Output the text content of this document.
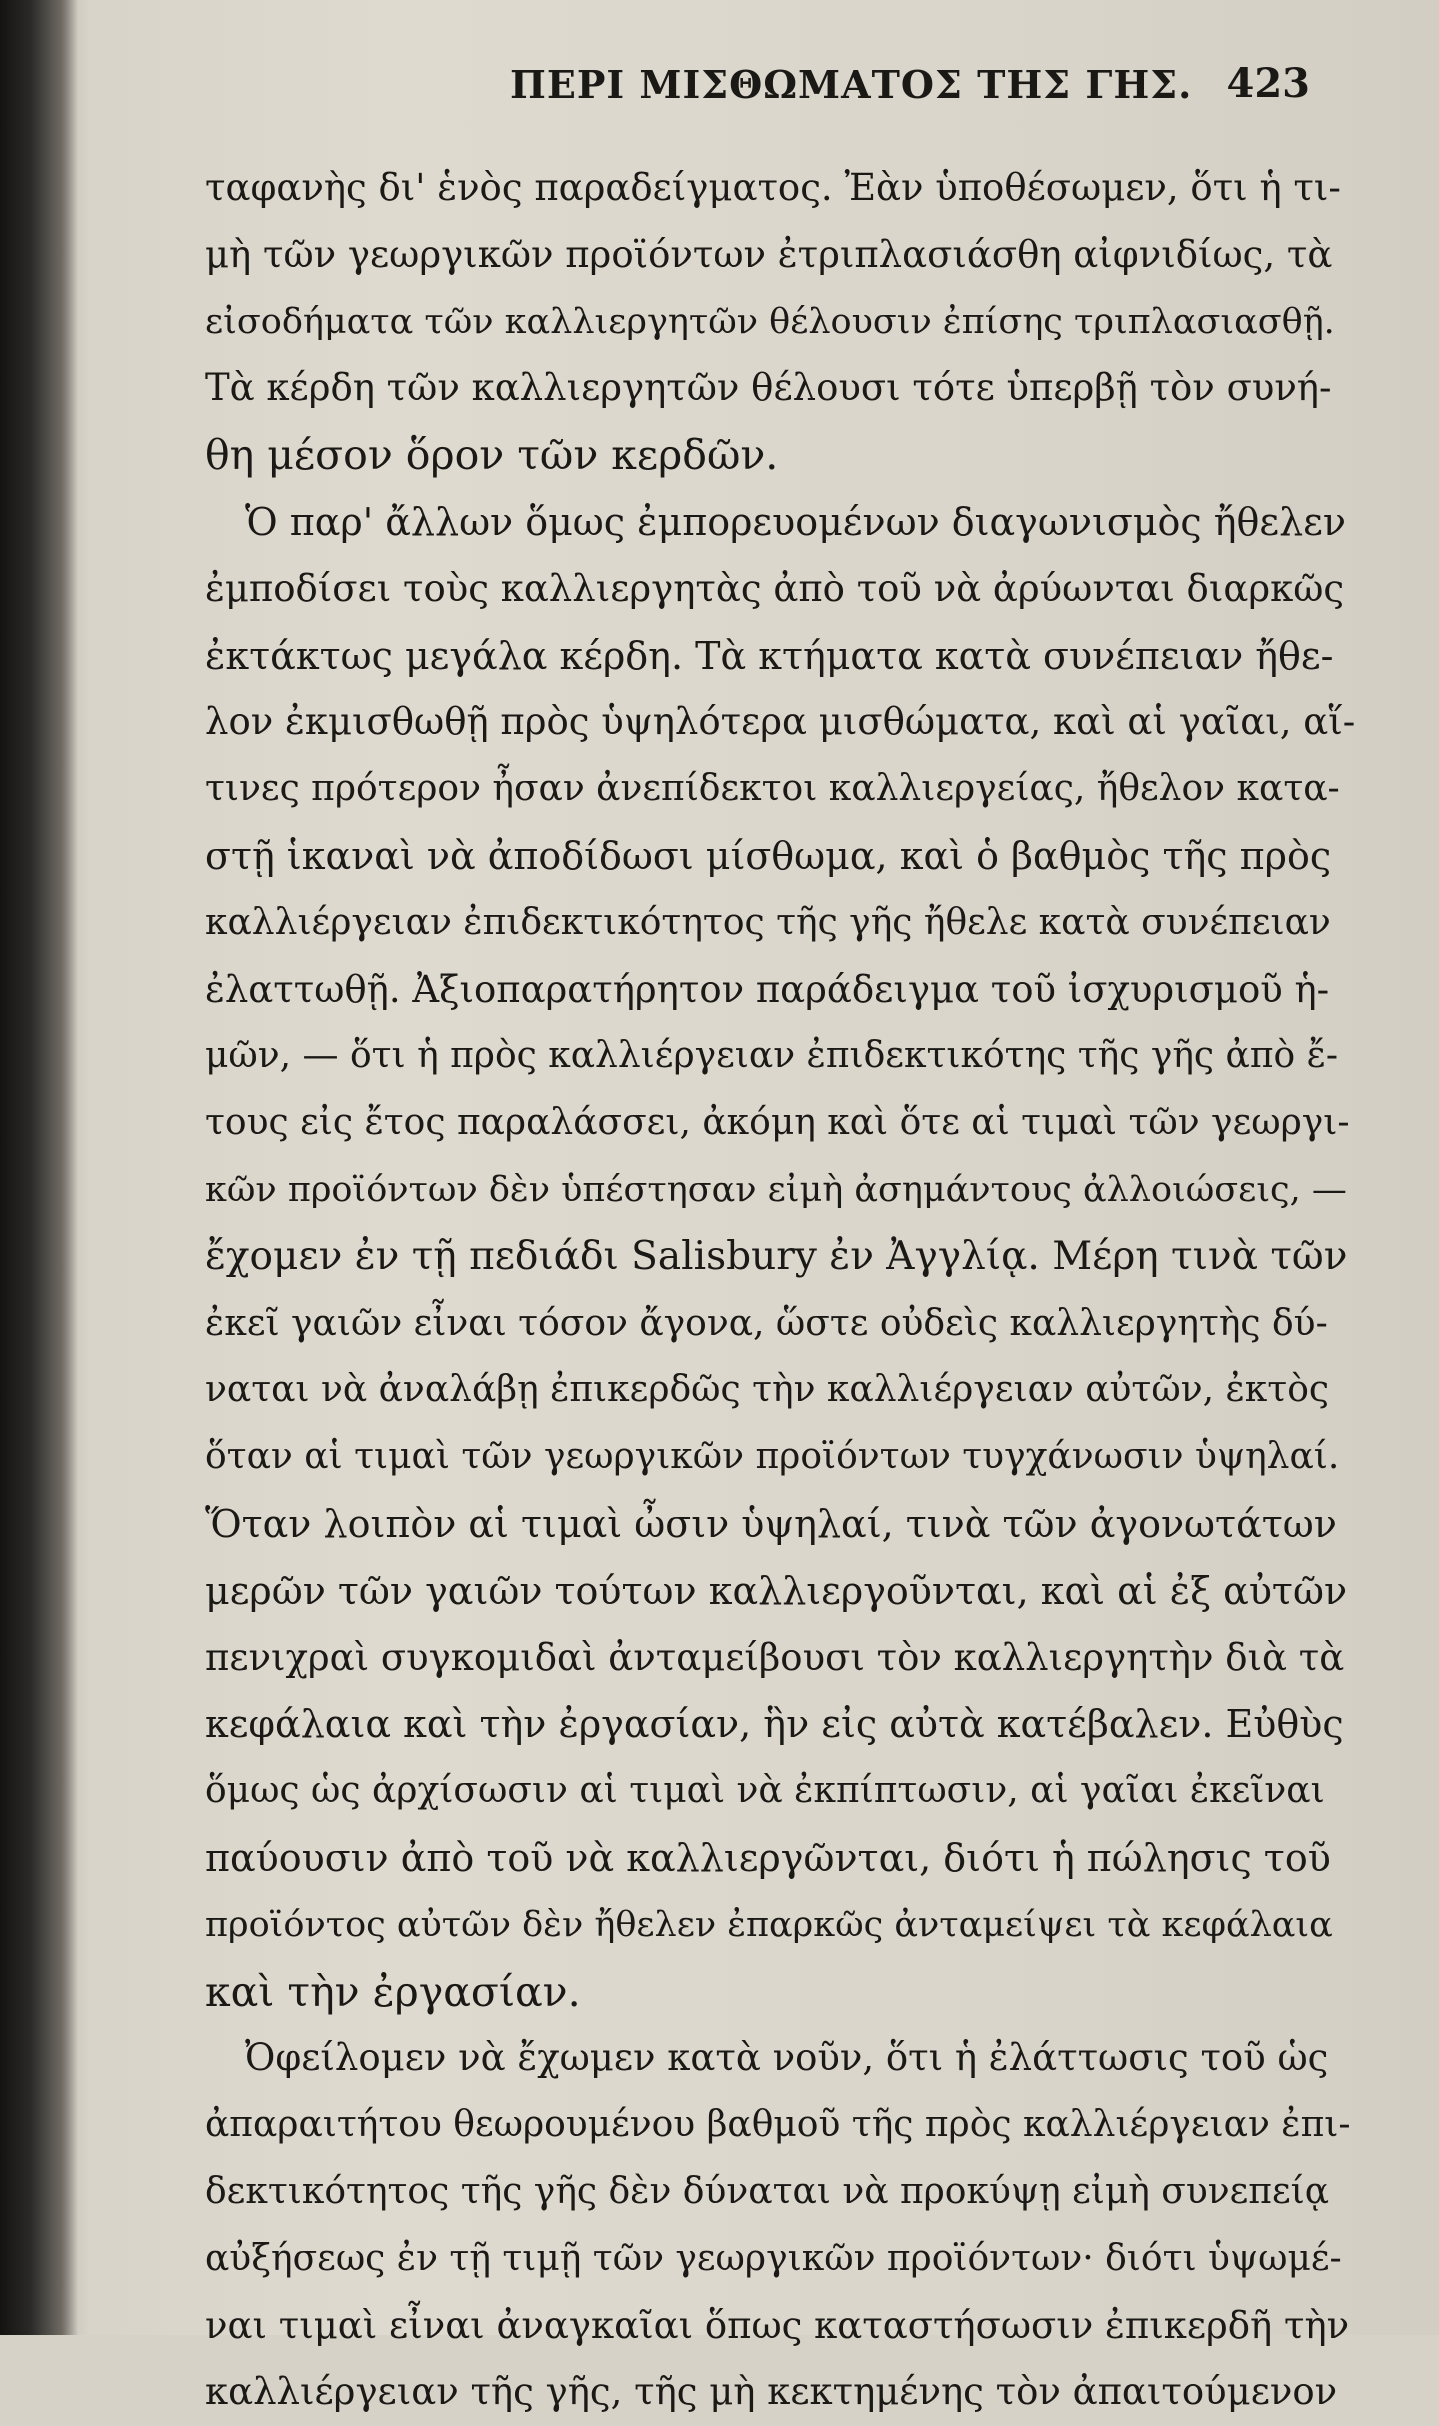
ΠΕΡΙ ΜΙΣΘΩΜΑΤΟΣ ΤΗΣ ΓΗΣ. 423
ταφανὴς δι' ἑνὸς παραδείγματος. Ἐὰν ὑποθέσωμεν, ὅτι ἡ τι-
μὴ τῶν γεωργικῶν προϊόντων ἐτριπλασιάσθη αἰφνιδίως, τὰ
εἰσοδήματα τῶν καλλιεργητῶν θέλουσιν ἐπίσης τριπλασιασθῇ.
Τὰ κέρδη τῶν καλλιεργητῶν θέλουσι τότε ὑπερβῇ τὸν συνή-
θη μέσον ὅρον τῶν κερδῶν.
Ὁ παρ' ἄλλων ὅμως ἐμπορευομένων διαγωνισμὸς ἤθελεν
ἐμποδίσει τοὺς καλλιεργητὰς ἀπὸ τοῦ νὰ ἀρύωνται διαρκῶς
ἐκτάκτως μεγάλα κέρδη. Τὰ κτήματα κατὰ συνέπειαν ἤθε-
λον ἐκμισθωθῇ πρὸς ὑψηλότερα μισθώματα, καὶ αἱ γαῖαι, αἵ-
τινες πρότερον ἦσαν ἀνεπίδεκτοι καλλιεργείας, ἤθελον κατα-
στῇ ἱκαναὶ νὰ ἀποδίδωσι μίσθωμα, καὶ ὁ βαθμὸς τῆς πρὸς
καλλιέργειαν ἐπιδεκτικότητος τῆς γῆς ἤθελε κατὰ συνέπειαν
ἐλαττωθῇ. Ἀξιοπαρατήρητον παράδειγμα τοῦ ἰσχυρισμοῦ ἡ-
μῶν, — ὅτι ἡ πρὸς καλλιέργειαν ἐπιδεκτικότης τῆς γῆς ἀπὸ ἔ-
τους εἰς ἔτος παραλάσσει, ἀκόμη καὶ ὅτε αἱ τιμαὶ τῶν γεωργι-
κῶν προϊόντων δὲν ὑπέστησαν εἰμὴ ἀσημάντους ἀλλοιώσεις, —
ἔχομεν ἐν τῇ πεδιάδι Salisbury ἐν Ἀγγλίᾳ. Μέρη τινὰ τῶν
ἐκεῖ γαιῶν εἶναι τόσον ἄγονα, ὥστε οὐδεὶς καλλιεργητὴς δύ-
ναται νὰ ἀναλάβῃ ἐπικερδῶς τὴν καλλιέργειαν αὐτῶν, ἐκτὸς
ὅταν αἱ τιμαὶ τῶν γεωργικῶν προϊόντων τυγχάνωσιν ὑψηλαί.
Ὅταν λοιπὸν αἱ τιμαὶ ὦσιν ὑψηλαί, τινὰ τῶν ἀγονωτάτων
μερῶν τῶν γαιῶν τούτων καλλιεργοῦνται, καὶ αἱ ἐξ αὐτῶν
πενιχραὶ συγκομιδαὶ ἀνταμείβουσι τὸν καλλιεργητὴν διὰ τὰ
κεφάλαια καὶ τὴν ἐργασίαν, ἣν εἰς αὐτὰ κατέβαλεν. Εὐθὺς
ὅμως ὡς ἀρχίσωσιν αἱ τιμαὶ νὰ ἐκπίπτωσιν, αἱ γαῖαι ἐκεῖναι
παύουσιν ἀπὸ τοῦ νὰ καλλιεργῶνται, διότι ἡ πώλησις τοῦ
προϊόντος αὐτῶν δὲν ἤθελεν ἐπαρκῶς ἀνταμείψει τὰ κεφάλαια
καὶ τὴν ἐργασίαν.
Ὀφείλομεν νὰ ἔχωμεν κατὰ νοῦν, ὅτι ἡ ἐλάττωσις τοῦ ὡς
ἀπαραιτήτου θεωρουμένου βαθμοῦ τῆς πρὸς καλλιέργειαν ἐπι-
δεκτικότητος τῆς γῆς δὲν δύναται νὰ προκύψῃ εἰμὴ συνεπείᾳ
αὐξήσεως ἐν τῇ τιμῇ τῶν γεωργικῶν προϊόντων· διότι ὑψωμέ-
ναι τιμαὶ εἶναι ἀναγκαῖαι ὅπως καταστήσωσιν ἐπικερδῆ τὴν
καλλιέργειαν τῆς γῆς, τῆς μὴ κεκτημένης τὸν ἀπαιτούμενον
